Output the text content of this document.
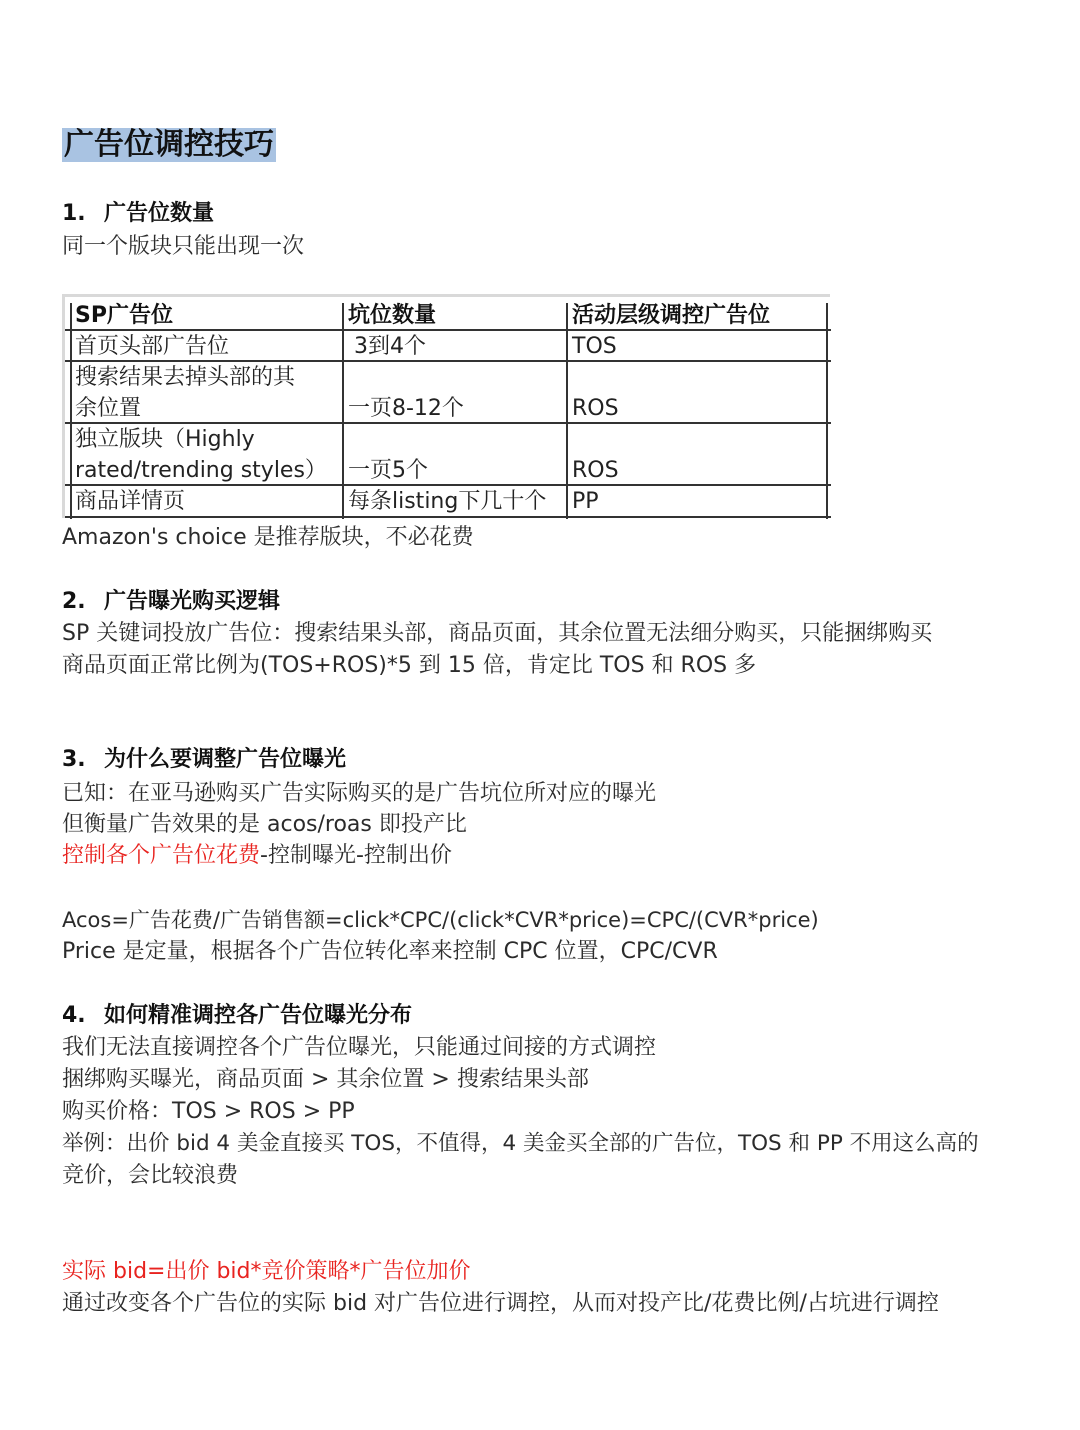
广告位调控技巧
1. 广告位数量
同一个版块只能出现一次
SP广告位	坑位数量	活动层级调控广告位
首页头部广告位	3到4个	TOS
搜索结果去掉头部的其
余位置	一页8-12个	ROS
独立版块（Highly
rated/trending styles） 一页5个	ROS
商品详情页	每条listing下几十个 PP
Amazon's choice 是推荐版块，不必花费
2. 广告曝光购买逻辑
SP 关键词投放广告位：搜索结果头部，商品页面，其余位置无法细分购买，只能捆绑购买
商品页面正常比例为(TOS+ROS)*5 到 15 倍，肯定比 TOS 和 ROS 多
3. 为什么要调整广告位曝光
已知：在亚马逊购买广告实际购买的是广告坑位所对应的曝光
但衡量广告效果的是 acos/roas 即投产比
控制各个广告位花费-控制曝光-控制出价
Acos=广告花费/广告销售额=click*CPC/(click*CVR*price)=CPC/(CVR*price)
Price 是定量，根据各个广告位转化率来控制 CPC 位置，CPC/CVR
4. 如何精准调控各广告位曝光分布
我们无法直接调控各个广告位曝光，只能通过间接的方式调控
捆绑购买曝光，商品页面 > 其余位置 > 搜索结果头部
购买价格：TOS > ROS > PP
举例：出价 bid 4 美金直接买 TOS，不值得，4 美金买全部的广告位，TOS 和 PP 不用这么高的
竞价，会比较浪费
实际 bid=出价 bid*竞价策略*广告位加价
通过改变各个广告位的实际 bid 对广告位进行调控，从而对投产比/花费比例/占坑进行调控
